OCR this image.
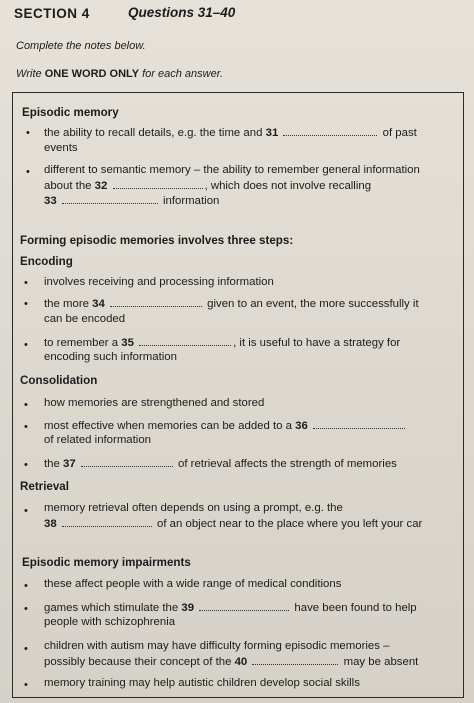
SECTION 4	Questions 31–40
Complete the notes below.
Write ONE WORD ONLY for each answer.
Episodic memory
• the ability to recall details, e.g. the time and 31	of past
events
• different to semantic memory – the ability to remember general information
about the 32	, which does not involve recalling
33	information
Forming episodic memories involves three steps:
Encoding
• involves receiving and processing information
• the more 34	given to an event, the more successfully it
can be encoded
• to remember a 35	, it is useful to have a strategy for
encoding such information
Consolidation
• how memories are strengthened and stored
• most effective when memories can be added to a 36
of related information
• the 37	of retrieval affects the strength of memories
Retrieval
• memory retrieval often depends on using a prompt, e.g. the
38	of an object near to the place where you left your car
Episodic memory impairments
• these affect people with a wide range of medical conditions
• games which stimulate the 39	have been found to help
people with schizophrenia
• children with autism may have difficulty forming episodic memories –
possibly because their concept of the 40	may be absent
• memory training may help autistic children develop social skills
